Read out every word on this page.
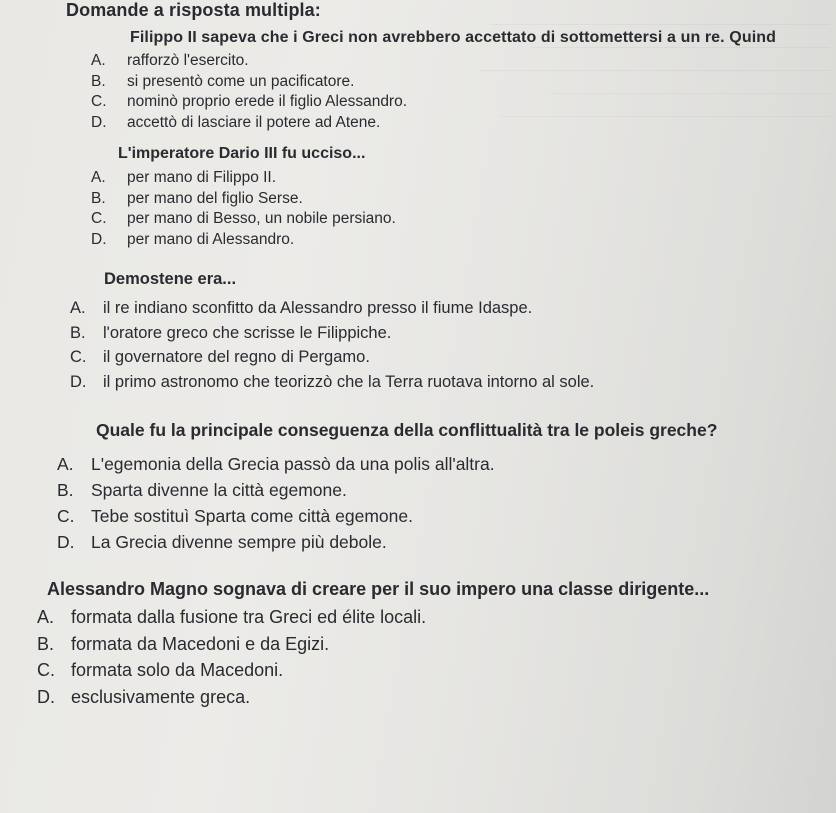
Domande a risposta multipla:
Filippo II sapeva che i Greci non avrebbero accettato di sottomettersi a un re. Quind
A.	rafforzò l'esercito.
B.	si presentò come un pacificatore.
C.	nominò proprio erede il figlio Alessandro.
D.	accettò di lasciare il potere ad Atene.
L'imperatore Dario III fu ucciso...
A.	per mano di Filippo II.
B.	per mano del figlio Serse.
C.	per mano di Besso, un nobile persiano.
D.	per mano di Alessandro.
Demostene era...
A.	il re indiano sconfitto da Alessandro presso il fiume Idaspe.
B.	l'oratore greco che scrisse le Filippiche.
C.	il governatore del regno di Pergamo.
D.	il primo astronomo che teorizzò che la Terra ruotava intorno al sole.
Quale fu la principale conseguenza della conflittualità tra le poleis greche?
A. L'egemonia della Grecia passò da una polis all'altra.
B. Sparta divenne la città egemone.
C. Tebe sostituì Sparta come città egemone.
D. La Grecia divenne sempre più debole.
Alessandro Magno sognava di creare per il suo impero una classe dirigente...
A. formata dalla fusione tra Greci ed élite locali.
B. formata da Macedoni e da Egizi.
C. formata solo da Macedoni.
D. esclusivamente greca.
